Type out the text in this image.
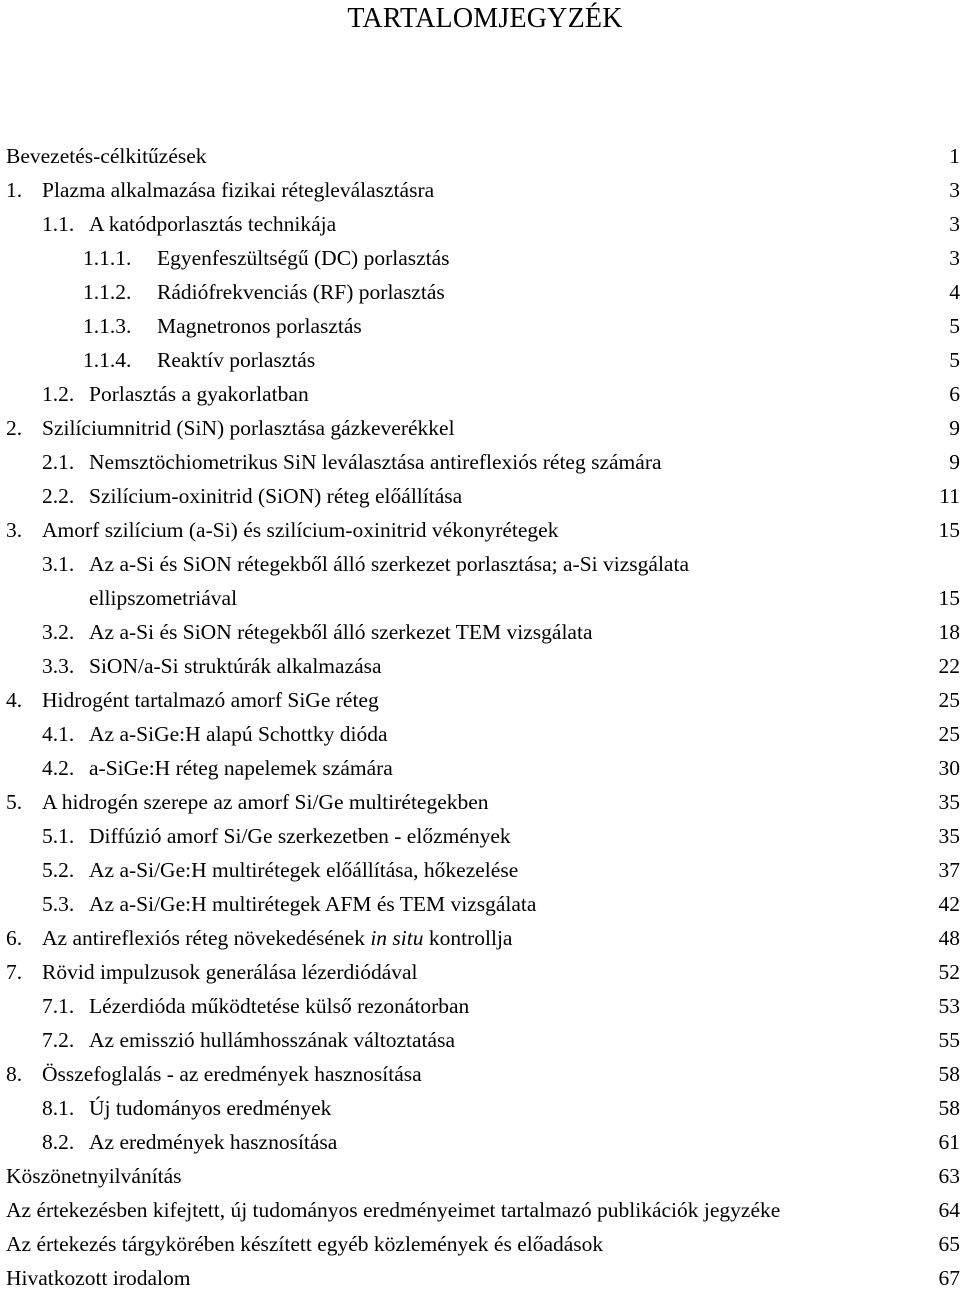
TARTALOMJEGYZÉK
Bevezetés-célkitűzések	1
1. Plazma alkalmazása fizikai rétegleválasztásra	3
1.1. A katódporlasztás technikája	3
1.1.1. Egyenfeszültségű (DC) porlasztás	3
1.1.2. Rádiófrekvenciás (RF) porlasztás	4
1.1.3. Magnetronos porlasztás	5
1.1.4. Reaktív porlasztás	5
1.2. Porlasztás a gyakorlatban	6
2. Szilíciumnitrid (SiN) porlasztása gázkeverékkel	9
2.1. Nemsztöchiometrikus SiN leválasztása antireflexiós réteg számára	9
2.2. Szilícium-oxinitrid (SiON) réteg előállítása	11
3. Amorf szilícium (a-Si) és szilícium-oxinitrid vékonyrétegek	15
3.1. Az a-Si és SiON rétegekből álló szerkezet porlasztása; a-Si vizsgálata
ellipszometriával	15
3.2. Az a-Si és SiON rétegekből álló szerkezet TEM vizsgálata	18
3.3. SiON/a-Si struktúrák alkalmazása	22
4. Hidrogént tartalmazó amorf SiGe réteg	25
4.1. Az a-SiGe:H alapú Schottky dióda	25
4.2. a-SiGe:H réteg napelemek számára	30
5. A hidrogén szerepe az amorf Si/Ge multirétegekben	35
5.1. Diffúzió amorf Si/Ge szerkezetben - előzmények	35
5.2. Az a-Si/Ge:H multirétegek előállítása, hőkezelése	37
5.3. Az a-Si/Ge:H multirétegek AFM és TEM vizsgálata	42
6. Az antireflexiós réteg növekedésének in situ kontrollja	48
7. Rövid impulzusok generálása lézerdiódával	52
7.1. Lézerdióda működtetése külső rezonátorban	53
7.2. Az emisszió hullámhosszának változtatása	55
8. Összefoglalás - az eredmények hasznosítása	58
8.1. Új tudományos eredmények	58
8.2. Az eredmények hasznosítása	61
Köszönetnyilvánítás	63
Az értekezésben kifejtett, új tudományos eredményeimet tartalmazó publikációk jegyzéke	64
Az értekezés tárgykörében készített egyéb közlemények és előadások	65
Hivatkozott irodalom	67
